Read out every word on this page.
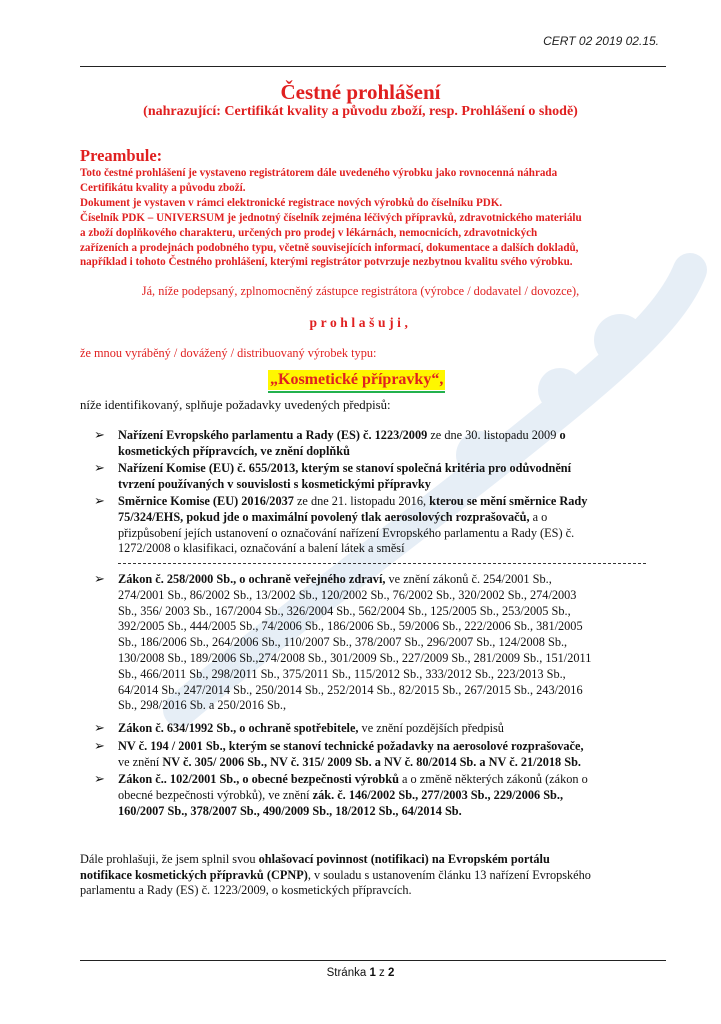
CERT 02 2019 02.15.
Čestné prohlášení
(nahrazující: Certifikát kvality a původu zboží, resp. Prohlášení o shodě)
Preambule:
Toto čestné prohlášení je vystaveno registrátorem dále uvedeného výrobku jako rovnocenná náhrada
Certifikátu kvality a původu zboží.
Dokument je vystaven v rámci elektronické registrace nových výrobků do číselníku PDK.
Číselník PDK – UNIVERSUM je jednotný číselník zejména léčivých přípravků, zdravotnického materiálu
a zboží doplňkového charakteru, určených pro prodej v lékárnách, nemocnicích, zdravotnických
zařízeních a prodejnách podobného typu, včetně souvisejících informací, dokumentace a dalších dokladů,
například i tohoto Čestného prohlášení, kterými registrátor potvrzuje nezbytnou kvalitu svého výrobku.
Já, níže podepsaný, zplnomocněný zástupce registrátora (výrobce / dodavatel / dovozce),
prohlašuji,
že mnou vyráběný / dovážený / distribuovaný výrobek typu:
„Kosmetické přípravky“,
níže identifikovaný, splňuje požadavky uvedených předpisů:
➢ Nařízení Evropského parlamentu a Rady (ES) č. 1223/2009 ze dne 30. listopadu 2009 o
kosmetických přípravcích, ve znění doplňků
➢ Nařízení Komise (EU) č. 655/2013, kterým se stanoví společná kritéria pro odůvodnění
tvrzení používaných v souvislosti s kosmetickými přípravky
➢ Směrnice Komise (EU) 2016/2037 ze dne 21. listopadu 2016, kterou se mění směrnice Rady
75/324/EHS, pokud jde o maximální povolený tlak aerosolových rozprašovačů, a o
přizpůsobení jejích ustanovení o označování nařízení Evropského parlamentu a Rady (ES) č.
1272/2008 o klasifikaci, označování a balení látek a směsí
➢ Zákon č. 258/2000 Sb., o ochraně veřejného zdraví, ve znění zákonů č. 254/2001 Sb.,
274/2001 Sb., 86/2002 Sb., 13/2002 Sb., 120/2002 Sb., 76/2002 Sb., 320/2002 Sb., 274/2003
Sb., 356/ 2003 Sb., 167/2004 Sb., 326/2004 Sb., 562/2004 Sb., 125/2005 Sb., 253/2005 Sb.,
392/2005 Sb., 444/2005 Sb., 74/2006 Sb., 186/2006 Sb., 59/2006 Sb., 222/2006 Sb., 381/2005
Sb., 186/2006 Sb., 264/2006 Sb., 110/2007 Sb., 378/2007 Sb., 296/2007 Sb., 124/2008 Sb.,
130/2008 Sb., 189/2006 Sb.,274/2008 Sb., 301/2009 Sb., 227/2009 Sb., 281/2009 Sb., 151/2011
Sb., 466/2011 Sb., 298/2011 Sb., 375/2011 Sb., 115/2012 Sb., 333/2012 Sb., 223/2013 Sb.,
64/2014 Sb., 247/2014 Sb., 250/2014 Sb., 252/2014 Sb., 82/2015 Sb., 267/2015 Sb., 243/2016
Sb., 298/2016 Sb. a 250/2016 Sb.,
➢ Zákon č. 634/1992 Sb., o ochraně spotřebitele, ve znění pozdějších předpisů
➢ NV č. 194 / 2001 Sb., kterým se stanoví technické požadavky na aerosolové rozprašovače,
ve znění NV č. 305/ 2006 Sb., NV č. 315/ 2009 Sb. a NV č. 80/2014 Sb. a NV č. 21/2018 Sb.
➢ Zákon č.. 102/2001 Sb., o obecné bezpečnosti výrobků a o změně některých zákonů (zákon o
obecné bezpečnosti výrobků), ve znění zák. č. 146/2002 Sb., 277/2003 Sb., 229/2006 Sb.,
160/2007 Sb., 378/2007 Sb., 490/2009 Sb., 18/2012 Sb., 64/2014 Sb.
Dále prohlašuji, že jsem splnil svou ohlašovací povinnost (notifikaci) na Evropském portálu
notifikace kosmetických přípravků (CPNP), v souladu s ustanovením článku 13 nařízení Evropského
parlamentu a Rady (ES) č. 1223/2009, o kosmetických přípravcích.
Stránka 1 z 2
